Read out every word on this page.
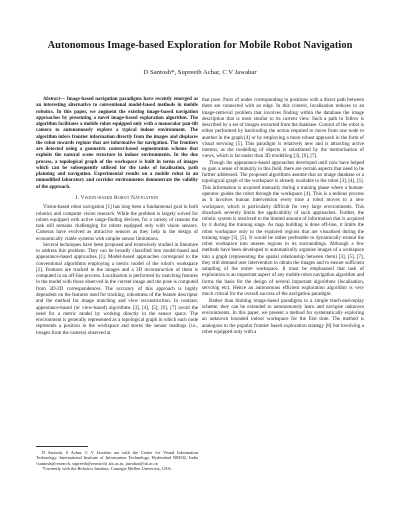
Autonomous Image-based Exploration for Mobile Robot Navigation
D Santosh*, Supreeth Achar, C V Jawahar

Abstract— Image-based navigation paradigms have recently emerged as an interesting alternative to conventional model-based methods in mobile robotics. In this paper, we augment the existing image-based navigation approaches by presenting a novel image-based exploration algorithm. The algorithm facilitates a mobile robot equipped only with a monocular pan-tilt camera to autonomously explore a typical indoor environment. The algorithm infers frontier information directly from the images and displaces the robot towards regions that are informative for navigation. The frontiers are detected using a geometric context-based segmentation scheme that exploits the natural scene structure in indoor environments. In the due process, a topological graph of the workspace is built in terms of images which can be subsequently utilised for the tasks of localisation, path planning and navigation. Experimental results on a mobile robot in an unmodified laboratory and corridor environments demonstrate the validity of the approach.

I. Vision-based Robot Navigation

Vision-based robot navigation [1] has long been a fundamental goal in both robotics and computer vision research. While the problem is largely solved for robots equipped with active range-finding devices, for a variety of reasons the task still remains challenging for robots equipped only with vision sensors. Cameras have evolved as attractive sensors as they help in the design of economically viable systems with simpler sensor limitations.

Several techniques have been proposed and extensively studied in literature to address this problem. They can be broadly classified into model-based and appearance-based approaches [1]. Model-based approaches correspond to the conventional algorithms employing a metric model of the robot's workspace [2]. Features are tracked in the images and a 3D reconstruction of them is computed in an off-line process. Localisation is performed by matching features in the model with those observed in the current image and the pose is computed from 3D-2D correspondences. The accuracy of this approach is highly dependent on the features used for tracking, robustness of the feature descriptor and the method for image matching and view reconstruction. In contrast, appearance-based (or view-based) algorithms [3], [4], [5], [6], [7] avoid the need for a metric model by working directly in the sensor space. The environment is generally represented as a topological graph in which each node represents a position in the workspace and stores the sensor readings (i.e., images from the camera) observed at

that pose. Pairs of nodes corresponding to positions with a direct path between them are connected with an edge. In this context, localisation reduces to an image-retrieval problem that involves finding within the database the image description that is most similar to its current view. Such a path to follow is described by a set of images extracted from the database. Control of the robot is either performed by hardcoding the action required to move from one node to another in the graph [4] or by employing a more robust approach in the form of visual servoing [5]. This paradigm is relatively new and is attracting active interest, as the modelling of objects is substituted by the memorisation of views, which is far easier than 3D modelling [3], [6], [7].

Though the appearance-based approaches developed until now have helped us gain a sense of maturity in this field, there are certain aspects that need to be further addressed. The proposed algorithms assume that an image database or a topological graph of the workspace is already available to the robot [3], [4], [5]. This information is acquired manually during a training phase where a human-operator guides the robot through the workspace [4]. This is a tedious process as it involves human intervention every time a robot moves to a new workspace, which is particularly difficult for very large environments. This drawback severely limits the applicability of such approaches. Further, the robotic system is restricted to the limited amount of information that is acquired by it during the training stage. As map building is done off-line, it limits the robot workspace only to the explored regions that are visualised during the training stage [3], [5]. It would be rather preferable to dynamically extend the robot workspace into unseen regions in its surroundings. Although a few methods have been developed to automatically organise images of a workspace into a graph (representing the spatial relationship between them) [3], [5], [7], they still demand user intervention to obtain the images and to ensure sufficient sampling of the entire workspace. It must be emphasised that task of exploration is an important aspect of any mobile robot navigation algorithm and forms the basis for the design of several important algorithms (localisation, servoing etc). Hence an autonomous efficient exploration algorithm is very much critical for the overall success of the navigation paradigm.

Rather than limiting image-based paradigms to a simple teach-and-replay scheme, they can be extended to autonomously learn and navigate unknown environments. In this paper, we present a method for systematically exploring an unknown bounded indoor workspace for the first time. The method is analogous to the popular frontier based exploration strategy [8] but involving a robot equipped only with a

D Santosh, S Achar, C V Jawahar are with the Center for Visual Information Technology, International Institute of Information Technology, Hyderabad 500032, India {santosh@research, supreeth@research}.iiit.ac.in, jawahar@iiit.ac.in

*Currently with the Robotics Institute, Carnegie Mellon University, USA.
